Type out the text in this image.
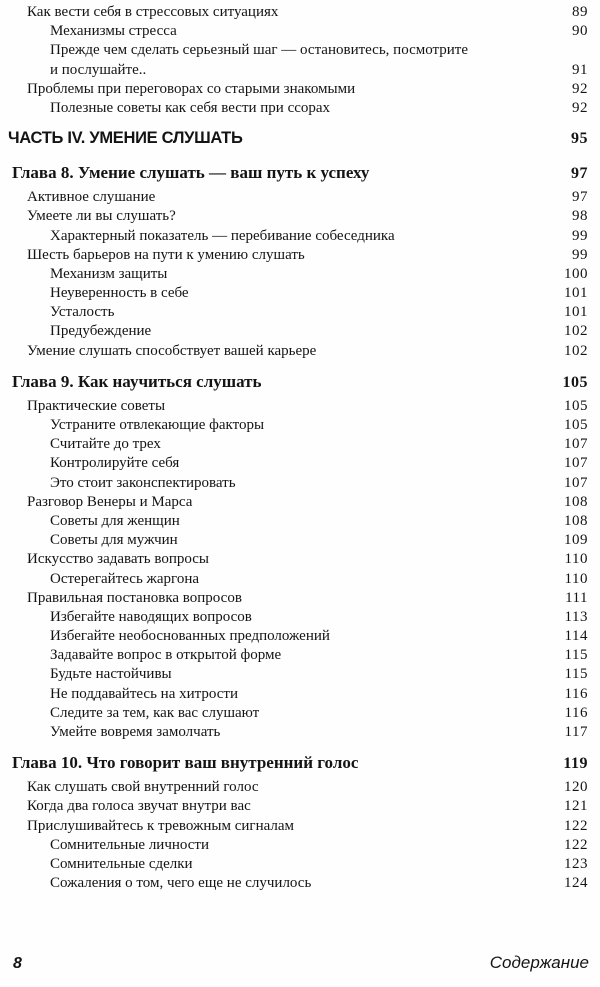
Как вести себя в стрессовых ситуациях	89
Механизмы стресса	90
Прежде чем сделать серьезный шаг — остановитесь, посмотрите
и послушайте..	91
Проблемы при переговорах со старыми знакомыми	92
Полезные советы как себя вести при ссорах	92
ЧАСТЬ IV. УМЕНИЕ СЛУШАТЬ	95
Глава 8. Умение слушать — ваш путь к успеху	97
Активное слушание	97
Умеете ли вы слушать?	98
Характерный показатель — перебивание собеседника	99
Шесть барьеров на пути к умению слушать	99
Механизм защиты	100
Неуверенность в себе	101
Усталость	101
Предубеждение	102
Умение слушать способствует вашей карьере	102
Глава 9. Как научиться слушать	105
Практические советы	105
Устраните отвлекающие факторы	105
Считайте до трех	107
Контролируйте себя	107
Это стоит законспектировать	107
Разговор Венеры и Марса	108
Советы для женщин	108
Советы для мужчин	109
Искусство задавать вопросы	110
Остерегайтесь жаргона	110
Правильная постановка вопросов	111
Избегайте наводящих вопросов	113
Избегайте необоснованных предположений	114
Задавайте вопрос в открытой форме	115
Будьте настойчивы	115
Не поддавайтесь на хитрости	116
Следите за тем, как вас слушают	116
Умейте вовремя замолчать	117
Глава 10. Что говорит ваш внутренний голос	119
Как слушать свой внутренний голос	120
Когда два голоса звучат внутри вас	121
Прислушивайтесь к тревожным сигналам	122
Сомнительные личности	122
Сомнительные сделки	123
Сожаления о том, чего еще не случилось	124
8	Содержание
